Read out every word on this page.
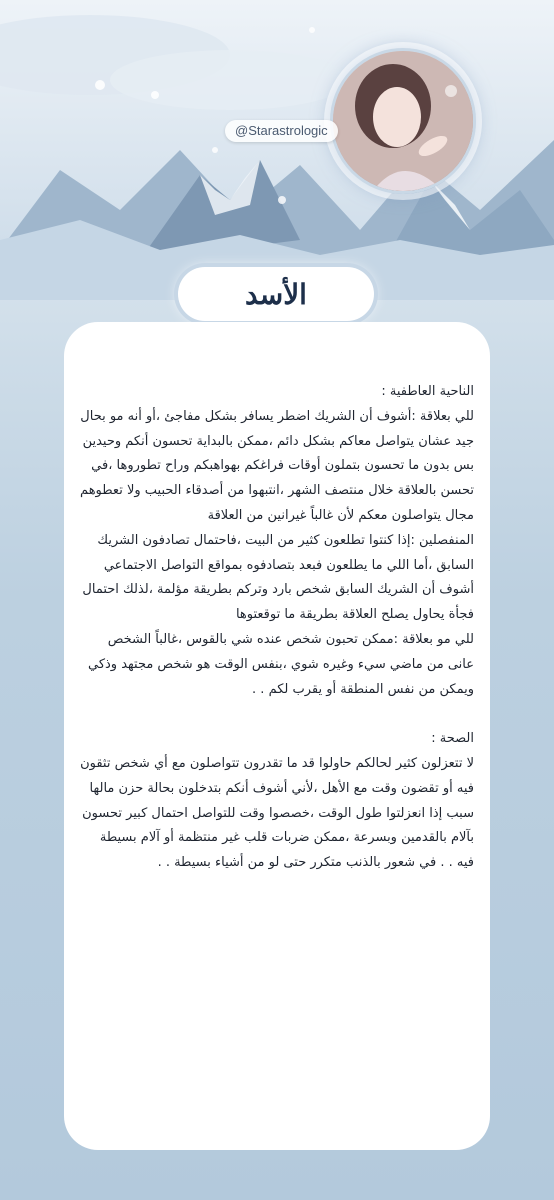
@Starastrologic
الأسد

الناحية العاطفية :

للي بعلاقة :أشوف أن الشريك اضطر يسافر بشكل مفاجئ ،أو أنه مو بحال جيد عشان يتواصل معاكم بشكل دائم ،ممكن بالبداية تحسون أنكم وحيدين بس بدون ما تحسون بتملون أوقات فراغكم بهواهبكم وراح تطوروها ،في تحسن بالعلاقة خلال منتصف الشهر ،انتبهوا من أصدقاء الحبيب ولا تعطوهم مجال يتواصلون معكم لأن غالباً غيرانين من العلاقة

المنفصلين :إذا كنتوا تطلعون كثير من البيت ،فاحتمال تصادفون الشريك السابق ،أما اللي ما يطلعون فبعد بتصادفوه بمواقع التواصل الاجتماعي أشوف أن الشريك السابق شخص بارد وتركم بطريقة مؤلمة ،لذلك احتمال فجأة يحاول يصلح العلاقة بطريقة ما توقعتوها

للي مو بعلاقة :ممكن تحبون شخص عنده شي بالقوس ،غالباً الشخص عانى من ماضي سيء وغيره شوي ،بنفس الوقت هو شخص مجتهد وذكي ويمكن من نفس المنطقة أو يقرب لكم . .

الصحة :

لا تتعزلون كثير لحالكم حاولوا قد ما تقدرون تتواصلون مع أي شخص تثقون فيه أو تقضون وقت مع الأهل ،لأني أشوف أنكم بتدخلون بحالة حزن مالها سبب إذا انعزلتوا طول الوقت ،خصصوا وقت للتواصل احتمال كبير تحسون بآلام بالقدمين وبسرعة ،ممكن ضربات قلب غير منتظمة أو آلام بسيطة فيه . . في شعور بالذنب متكرر حتى لو من أشياء بسيطة . .
